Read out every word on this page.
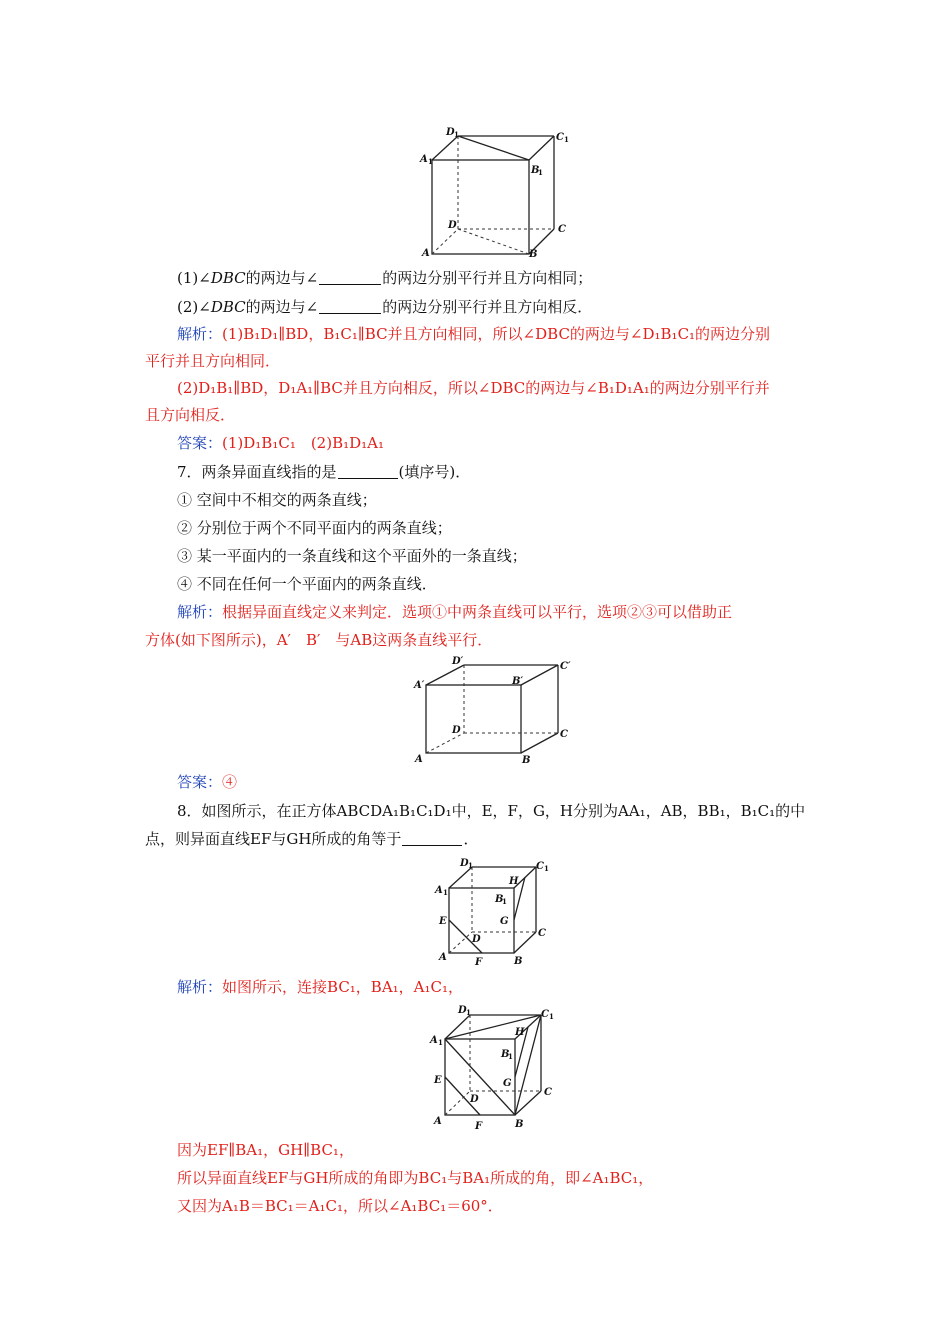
D 1	C 1
A 1
B
1
D	C
A	B
(1)∠DBC的两边与∠	的两边分别平行并且方向相同；
(2)∠DBC的两边与∠	的两边分别平行并且方向相反．
解析：(1)B₁D₁∥BD，B₁C₁∥BC并且方向相同，所以∠DBC的两边与∠D₁B₁C₁的两边分别
平行并且方向相同．
(2)D₁B₁∥BD，D₁A₁∥BC并且方向相反，所以∠DBC的两边与∠B₁D₁A₁的两边分别平行并
且方向相反．
答案：(1)D₁B₁C₁　(2)B₁D₁A₁
7．两条异面直线指的是	(填序号)．
① 空间中不相交的两条直线；
② 分别位于两个不同平面内的两条直线；
③ 某一平面内的一条直线和这个平面外的一条直线；
④ 不同在任何一个平面内的两条直线．
解析：根据异面直线定义来判定．选项①中两条直线可以平行，选项②③可以借助正
方体(如下图所示)，A′　B′　与AB这两条直线平行．
D′	C′
A′	B′
D	C
A	B
答案：④
8．如图所示，在正方体ABCDA₁B₁C₁D₁中，E，F，G，H分别为AA₁，AB，BB₁，B₁C₁的中
点，则异面直线EF与GH所成的角等于	．
D 1	C 1
H
A 1
B
1
G
E
D
C
A	F	B
解析：如图所示，连接BC₁，BA₁，A₁C₁，
D 1	C 1
H
A 1
B
1
G
E
D
C
A	F	B
因为EF∥BA₁，GH∥BC₁，
所以异面直线EF与GH所成的角即为BC₁与BA₁所成的角，即∠A₁BC₁，
又因为A₁B＝BC₁＝A₁C₁，所以∠A₁BC₁＝60°．
